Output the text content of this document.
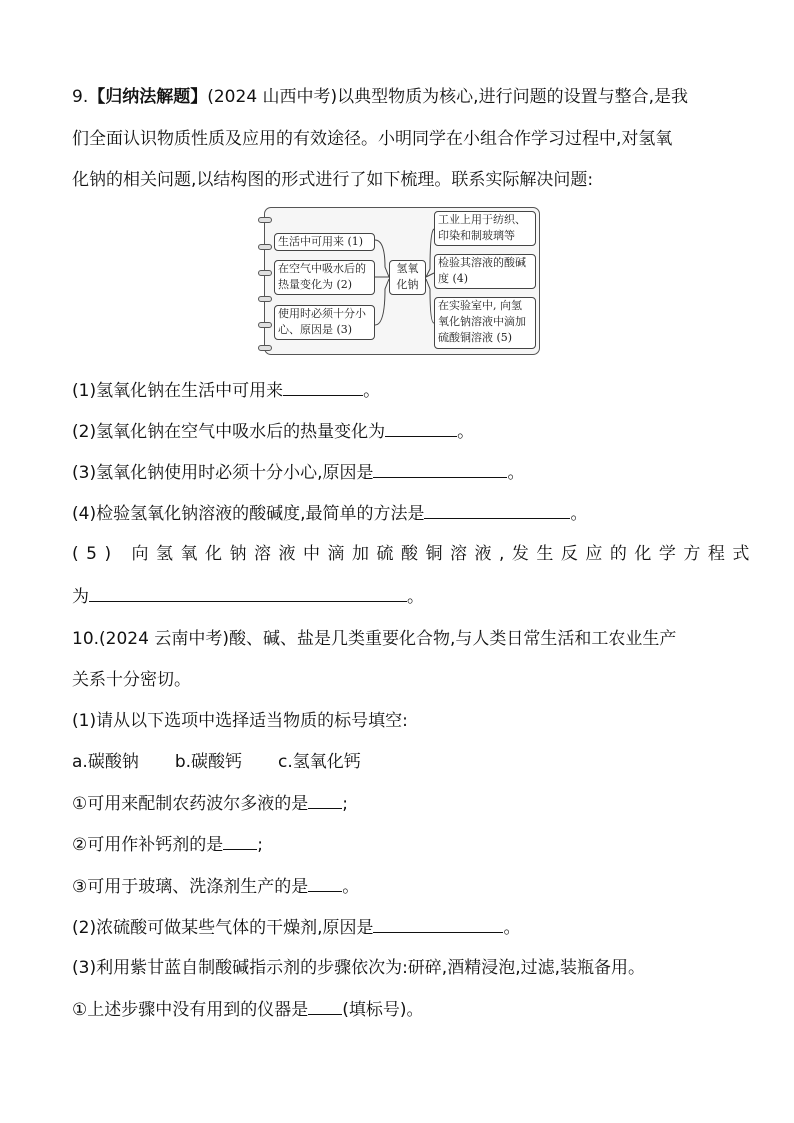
9.【归纳法解题】(2024 山西中考)以典型物质为核心,进行问题的设置与整合,是我
们全面认识物质性质及应用的有效途径。小明同学在小组合作学习过程中,对氢氧
化钠的相关问题,以结构图的形式进行了如下梳理。联系实际解决问题:
生活中可用来 (1)
在空气中吸水后的热量变化为 (2)
使用时必须十分小心、原因是 (3)
氢氧化钠
工业上用于纺织、印染和制玻璃等
检验其溶液的酸碱度 (4)
在实验室中, 向氢氧化钠溶液中滴加硫酸铜溶液 (5)
(1)氢氧化钠在生活中可用来	。
(2)氢氧化钠在空气中吸水后的热量变化为	。
(3)氢氧化钠使用时必须十分小心,原因是	。
(4)检验氢氧化钠溶液的酸碱度,最简单的方法是	。
(5) 向氢氧化钠溶液中滴加硫酸铜溶液,发生反应的化学方程式
为	。
10.(2024 云南中考)酸、碱、盐是几类重要化合物,与人类日常生活和工农业生产
关系十分密切。
(1)请从以下选项中选择适当物质的标号填空:
a.碳酸钠 b.碳酸钙 c.氢氧化钙
①可用来配制农药波尔多液的是 ;
②可用作补钙剂的是 ;
③可用于玻璃、洗涤剂生产的是 。
(2)浓硫酸可做某些气体的干燥剂,原因是	。
(3)利用紫甘蓝自制酸碱指示剂的步骤依次为:研碎,酒精浸泡,过滤,装瓶备用。
①上述步骤中没有用到的仪器是 (填标号)。
